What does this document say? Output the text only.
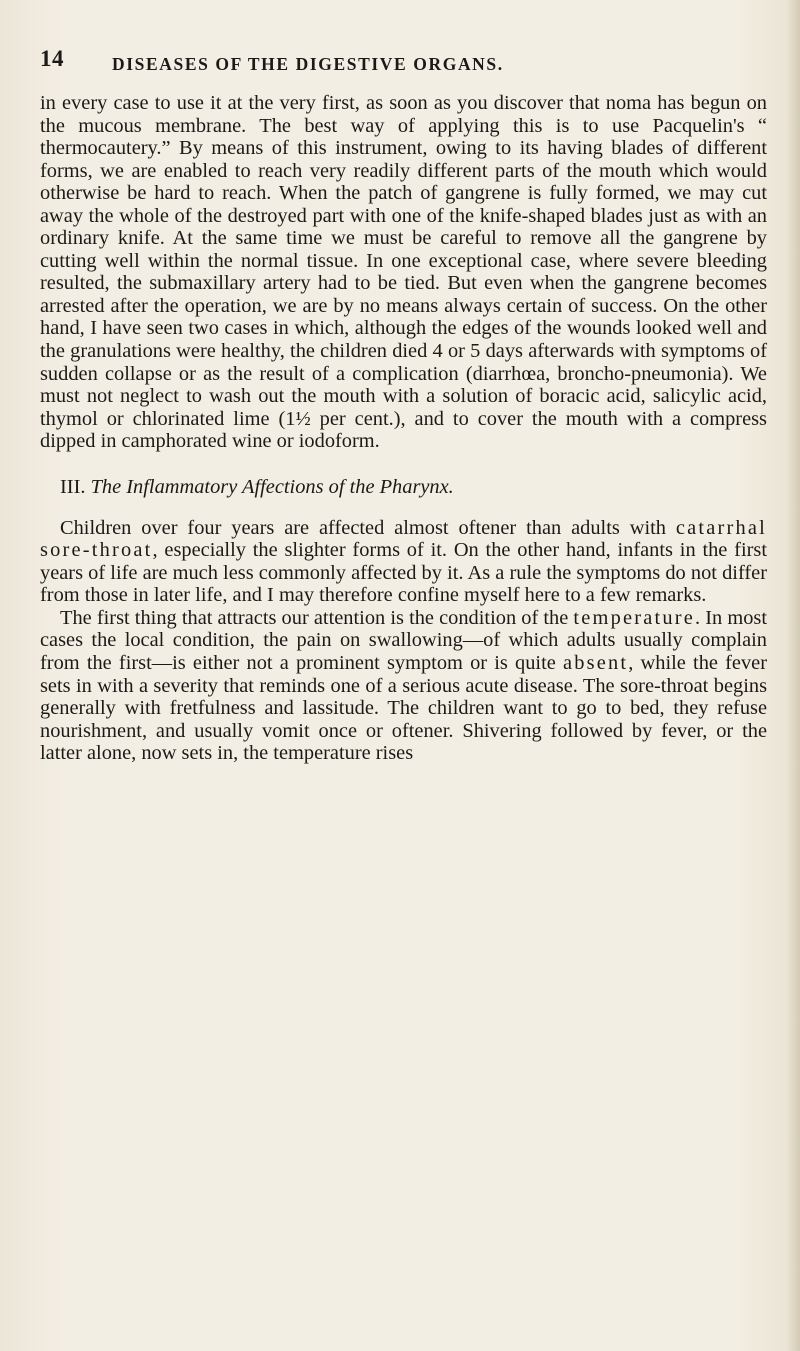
14	DISEASES OF THE DIGESTIVE ORGANS.

in every case to use it at the very first, as soon as you discover that noma has begun on the mucous membrane. The best way of applying this is to use Pacquelin's “ thermocautery.” By means of this instrument, owing to its having blades of different forms, we are enabled to reach very readily different parts of the mouth which would otherwise be hard to reach. When the patch of gangrene is fully formed, we may cut away the whole of the destroyed part with one of the knife-shaped blades just as with an ordinary knife. At the same time we must be careful to remove all the gangrene by cutting well within the normal tissue. In one exceptional case, where severe bleeding resulted, the submaxillary artery had to be tied. But even when the gangrene becomes arrested after the operation, we are by no means always certain of success. On the other hand, I have seen two cases in which, although the edges of the wounds looked well and the granulations were healthy, the children died 4 or 5 days afterwards with symptoms of sudden collapse or as the result of a complication (diarrhœa, broncho-pneumonia). We must not neglect to wash out the mouth with a solution of boracic acid, salicylic acid, thymol or chlorinated lime (1½ per cent.), and to cover the mouth with a compress dipped in camphorated wine or iodoform.

III. The Inflammatory Affections of the Pharynx.

Children over four years are affected almost oftener than adults with catarrhal sore-throat, especially the slighter forms of it. On the other hand, infants in the first years of life are much less commonly affected by it. As a rule the symptoms do not differ from those in later life, and I may therefore confine myself here to a few remarks.

The first thing that attracts our attention is the condition of the temperature. In most cases the local condition, the pain on swallowing—of which adults usually complain from the first—is either not a prominent symptom or is quite absent, while the fever sets in with a severity that reminds one of a serious acute disease. The sore-throat begins generally with fretfulness and lassitude. The children want to go to bed, they refuse nourishment, and usually vomit once or oftener. Shivering followed by fever, or the latter alone, now sets in, the temperature rises
